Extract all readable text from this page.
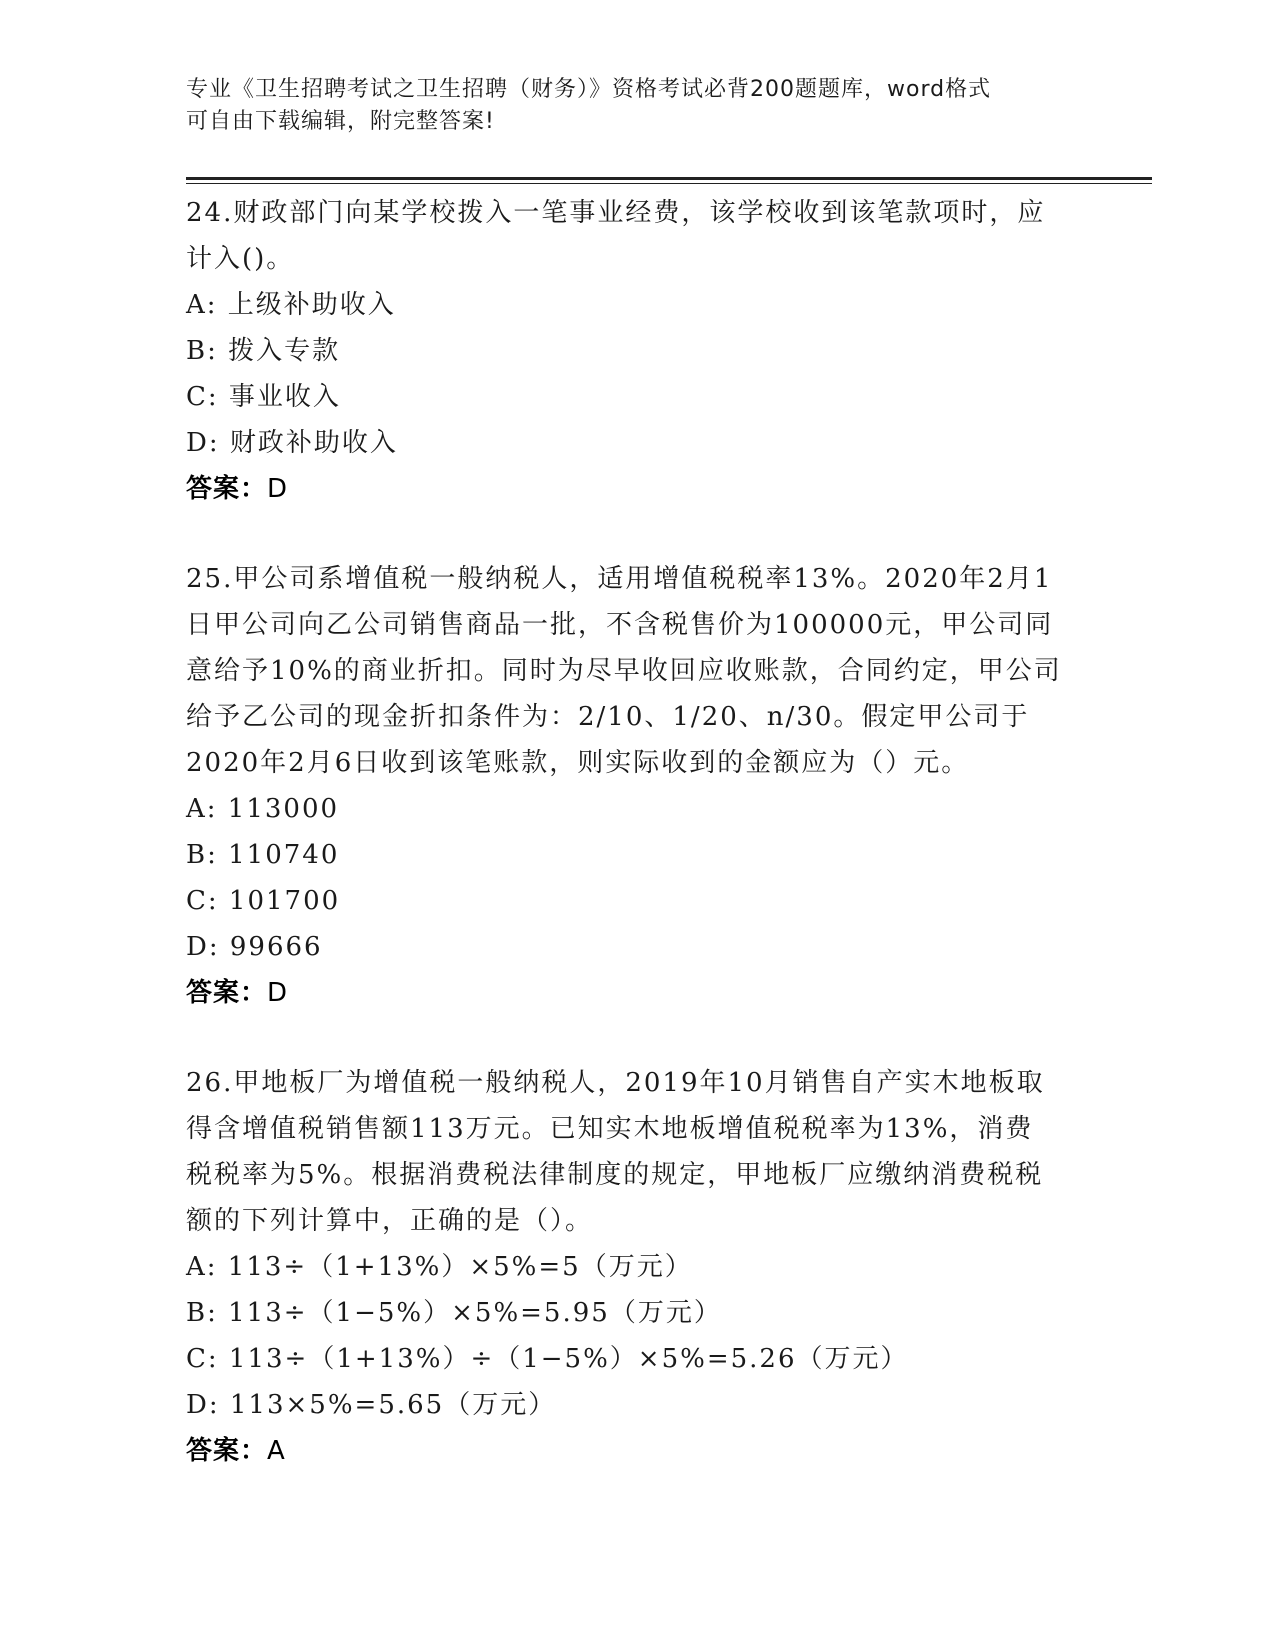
专业《卫生招聘考试之卫生招聘（财务）》资格考试必背200题题库，word格式
可自由下载编辑，附完整答案!
24.财政部门向某学校拨入一笔事业经费，该学校收到该笔款项时，应
计入()。
A: 上级补助收入
B: 拨入专款
C: 事业收入
D: 财政补助收入
答案：D
25.甲公司系增值税一般纳税人，适用增值税税率13%。2020年2月1
日甲公司向乙公司销售商品一批，不含税售价为100000元，甲公司同
意给予10%的商业折扣。同时为尽早收回应收账款，合同约定，甲公司
给予乙公司的现金折扣条件为：2/10、1/20、n/30。假定甲公司于
2020年2月6日收到该笔账款，则实际收到的金额应为（）元。
A: 113000
B: 110740
C: 101700
D: 99666
答案：D
26.甲地板厂为增值税一般纳税人，2019年10月销售自产实木地板取
得含增值税销售额113万元。已知实木地板增值税税率为13%，消费
税税率为5%。根据消费税法律制度的规定，甲地板厂应缴纳消费税税
额的下列计算中，正确的是（）。
A: 113÷（1+13%）×5%=5（万元）
B: 113÷（1−5%）×5%=5.95（万元）
C: 113÷（1+13%）÷（1−5%）×5%=5.26（万元）
D: 113×5%=5.65（万元）
答案：A
